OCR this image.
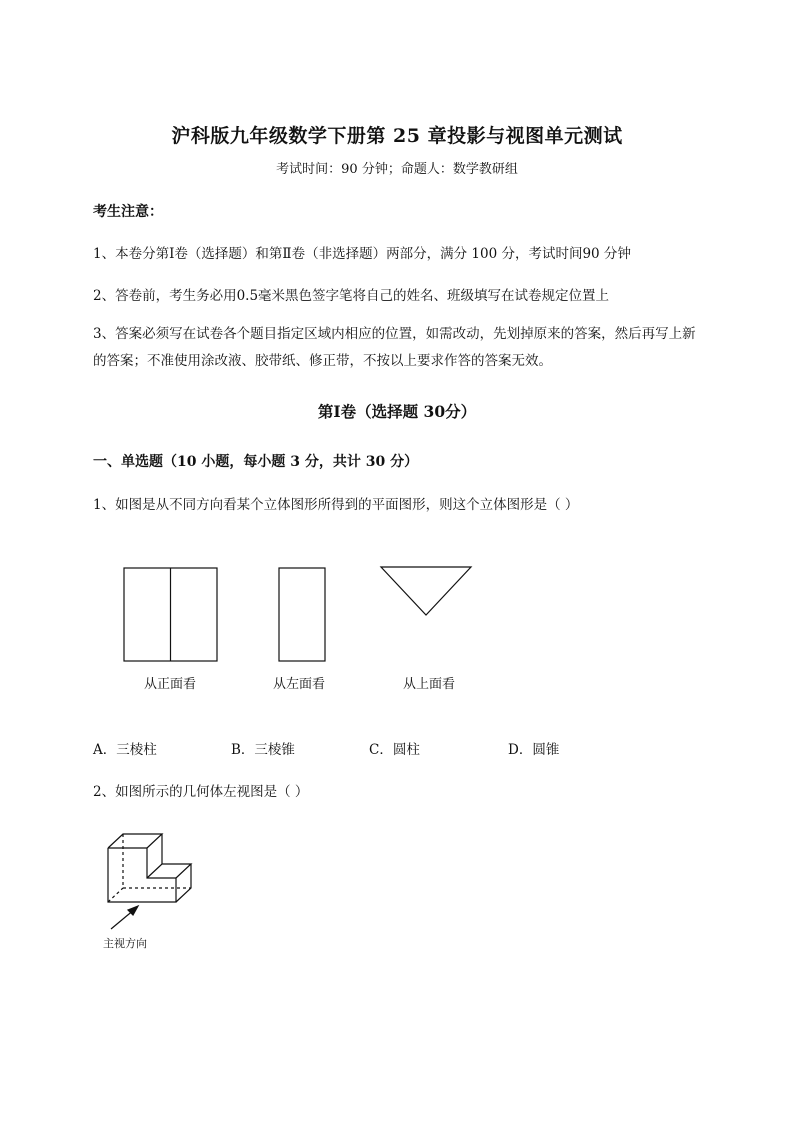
沪科版九年级数学下册第 25 章投影与视图单元测试
考试时间：90 分钟；命题人：数学教研组
考生注意：
1、本卷分第Ⅰ卷（选择题）和第Ⅱ卷（非选择题）两部分，满分 100 分，考试时间90 分钟
2、答卷前，考生务必用0.5毫米黑色签字笔将自己的姓名、班级填写在试卷规定位置上
3、答案必须写在试卷各个题目指定区域内相应的位置，如需改动，先划掉原来的答案，然后再写上新的答案；不准使用涂改液、胶带纸、修正带，不按以上要求作答的答案无效。
第Ⅰ卷（选择题 30分）
一、单选题（10 小题，每小题 3 分，共计 30 分）
1、如图是从不同方向看某个立体图形所得到的平面图形，则这个立体图形是（ ）
从正面看	从左面看	从上面看
A．三棱柱	B．三棱锥	C．圆柱	D．圆锥
2、如图所示的几何体左视图是（ ）
主视方向
